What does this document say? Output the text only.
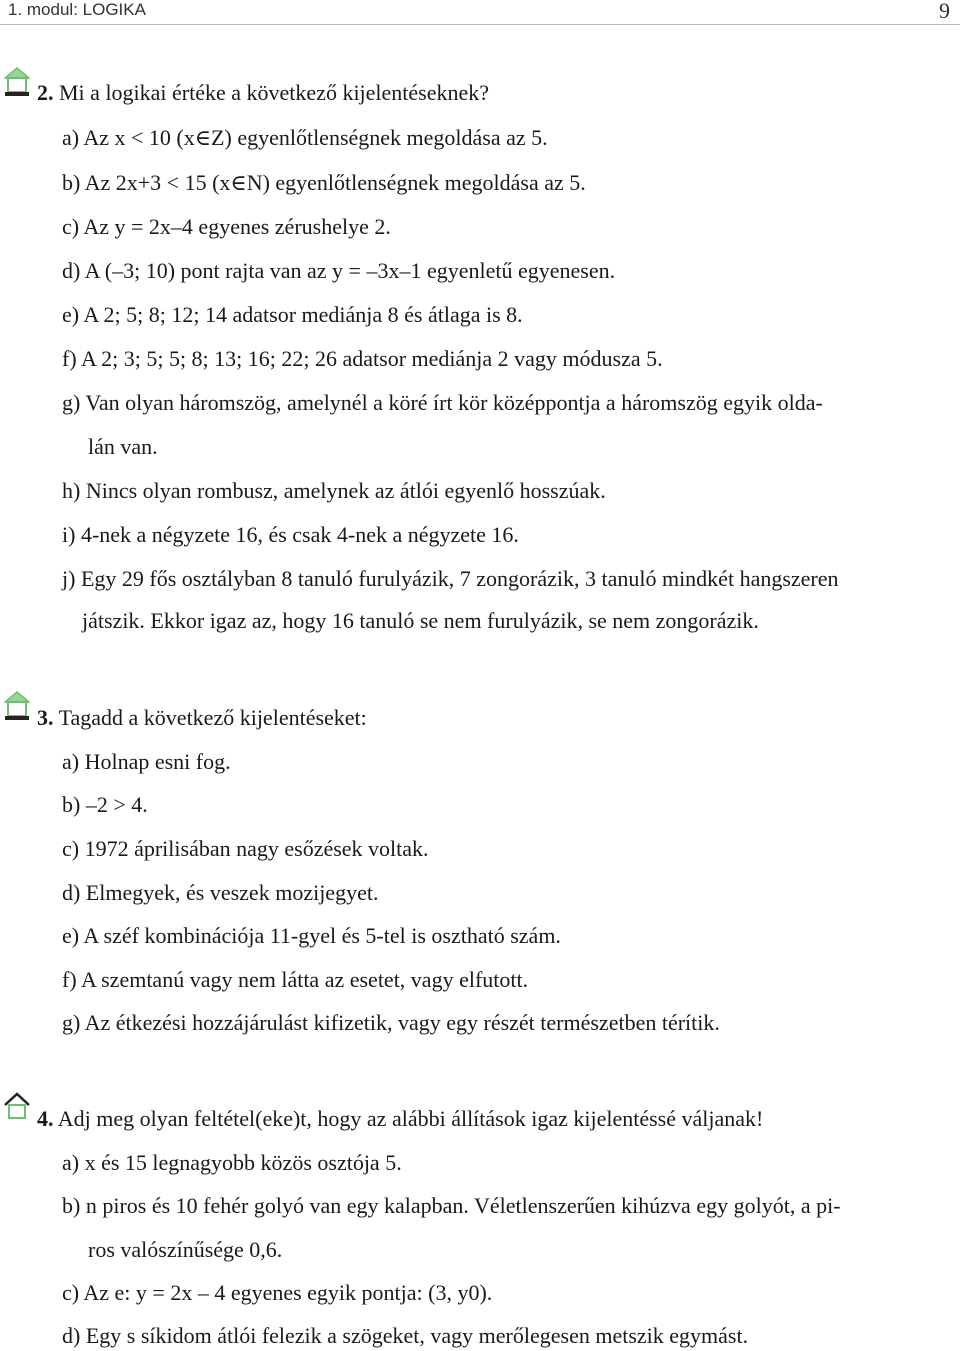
1. modul: LOGIKA	9
2. Mi a logikai értéke a következő kijelentéseknek?
a) Az x < 10 (x∈Z) egyenlőtlenségnek megoldása az 5.
b) Az 2x+3 < 15 (x∈N) egyenlőtlenségnek megoldása az 5.
c) Az y = 2x–4 egyenes zérushelye 2.
d) A (–3; 10) pont rajta van az y = –3x–1 egyenletű egyenesen.
e) A 2; 5; 8; 12; 14 adatsor mediánja 8 és átlaga is 8.
f) A 2; 3; 5; 5; 8; 13; 16; 22; 26 adatsor mediánja 2 vagy módusza 5.
g) Van olyan háromszög, amelynél a köré írt kör középpontja a háromszög egyik olda-
lán van.
h) Nincs olyan rombusz, amelynek az átlói egyenlő hosszúak.
i) 4-nek a négyzete 16, és csak 4-nek a négyzete 16.
j) Egy 29 fős osztályban 8 tanuló furulyázik, 7 zongorázik, 3 tanuló mindkét hangszeren
játszik. Ekkor igaz az, hogy 16 tanuló se nem furulyázik, se nem zongorázik.
3. Tagadd a következő kijelentéseket:
a) Holnap esni fog.
b) –2 > 4.
c) 1972 áprilisában nagy esőzések voltak.
d) Elmegyek, és veszek mozijegyet.
e) A széf kombinációja 11-gyel és 5-tel is osztható szám.
f) A szemtanú vagy nem látta az esetet, vagy elfutott.
g) Az étkezési hozzájárulást kifizetik, vagy egy részét természetben térítik.
4. Adj meg olyan feltétel(eke)t, hogy az alábbi állítások igaz kijelentéssé váljanak!
a) x és 15 legnagyobb közös osztója 5.
b) n piros és 10 fehér golyó van egy kalapban. Véletlenszerűen kihúzva egy golyót, a pi-
ros valószínűsége 0,6.
c) Az e: y = 2x – 4 egyenes egyik pontja: (3, y0).
d) Egy s síkidom átlói felezik a szögeket, vagy merőlegesen metszik egymást.
